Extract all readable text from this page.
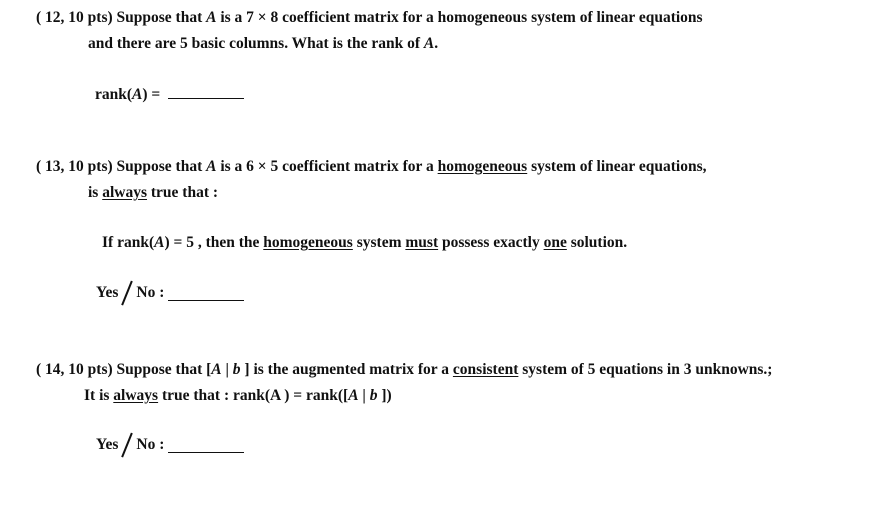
( 12, 10 pts) Suppose that A is a 7 × 8 coefficient matrix for a homogeneous system of linear equations
and there are 5 basic columns. What is the rank of A.
rank(A) =
( 13, 10 pts) Suppose that A is a 6 × 5 coefficient matrix for a homogeneous system of linear equations,
is always true that :
If rank(A) = 5 , then the homogeneous system must possess exactly one solution.
Yes No :
( 14, 10 pts) Suppose that [A | b ] is the augmented matrix for a consistent system of 5 equations in 3 unknowns.;
It is always true that : rank(A ) = rank([A | b ])
Yes No :
